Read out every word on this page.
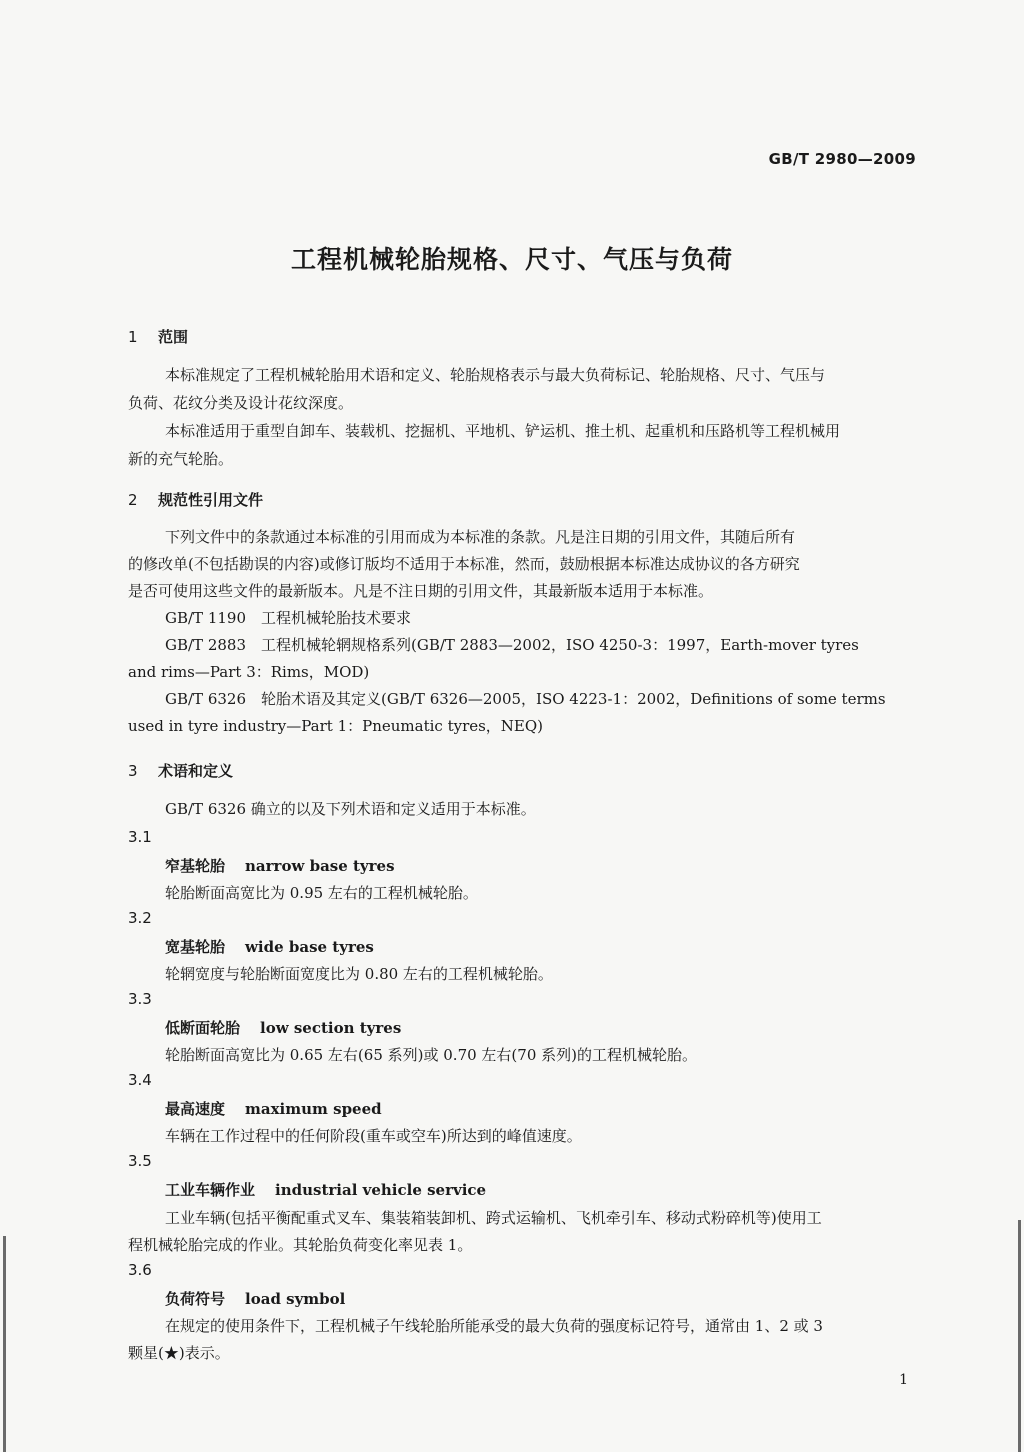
GB/T 2980—2009
工程机械轮胎规格、尺寸、气压与负荷
1 范围
本标准规定了工程机械轮胎用术语和定义、轮胎规格表示与最大负荷标记、轮胎规格、尺寸、气压与
负荷、花纹分类及设计花纹深度。
本标准适用于重型自卸车、装载机、挖掘机、平地机、铲运机、推土机、起重机和压路机等工程机械用
新的充气轮胎。
2 规范性引用文件
下列文件中的条款通过本标准的引用而成为本标准的条款。凡是注日期的引用文件，其随后所有
的修改单(不包括勘误的内容)或修订版均不适用于本标准，然而，鼓励根据本标准达成协议的各方研究
是否可使用这些文件的最新版本。凡是不注日期的引用文件，其最新版本适用于本标准。
GB/T 1190　工程机械轮胎技术要求
GB/T 2883　工程机械轮辋规格系列(GB/T 2883—2002，ISO 4250-3：1997，Earth-mover tyres
and rims—Part 3：Rims，MOD)
GB/T 6326　轮胎术语及其定义(GB/T 6326—2005，ISO 4223-1：2002，Definitions of some terms
used in tyre industry—Part 1：Pneumatic tyres，NEQ)
3 术语和定义
GB/T 6326 确立的以及下列术语和定义适用于本标准。
3.1
窄基轮胎 narrow base tyres
轮胎断面高宽比为 0.95 左右的工程机械轮胎。
3.2
宽基轮胎 wide base tyres
轮辋宽度与轮胎断面宽度比为 0.80 左右的工程机械轮胎。
3.3
低断面轮胎 low section tyres
轮胎断面高宽比为 0.65 左右(65 系列)或 0.70 左右(70 系列)的工程机械轮胎。
3.4
最高速度 maximum speed
车辆在工作过程中的任何阶段(重车或空车)所达到的峰值速度。
3.5
工业车辆作业 industrial vehicle service
工业车辆(包括平衡配重式叉车、集装箱装卸机、跨式运输机、飞机牵引车、移动式粉碎机等)使用工
程机械轮胎完成的作业。其轮胎负荷变化率见表 1。
3.6
负荷符号 load symbol
在规定的使用条件下，工程机械子午线轮胎所能承受的最大负荷的强度标记符号，通常由 1、2 或 3
颗星(★)表示。
1
